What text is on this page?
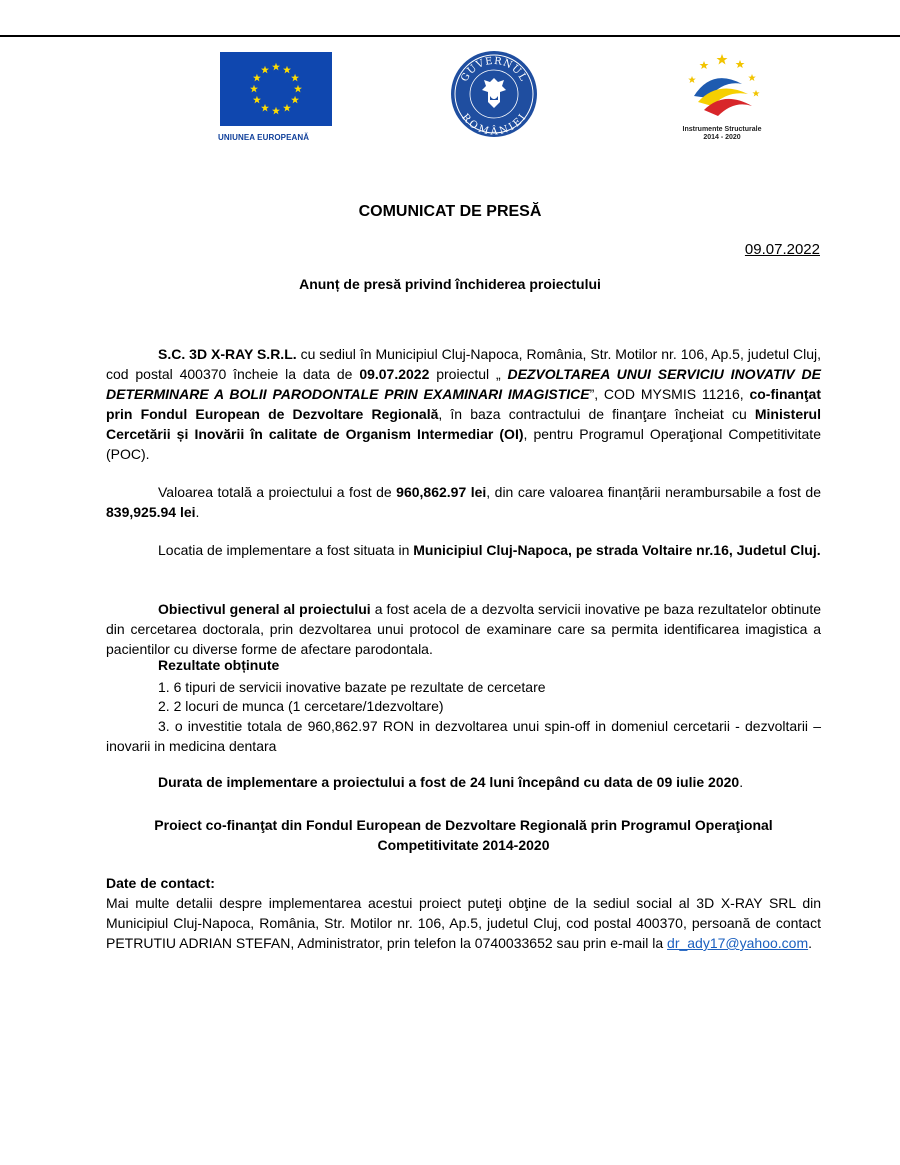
UNIUNEA EUROPEANĂ
GUVERNUL
ROMÂNIEI
Instrumente Structurale
2014 - 2020
COMUNICAT DE PRESĂ
09.07.2022
Anunț de presă privind închiderea proiectului

S.C. 3D X-RAY S.R.L. cu sediul în Municipiul Cluj-Napoca, România, Str. Motilor nr. 106, Ap.5, judetul Cluj, cod postal 400370 încheie la data de 09.07.2022 proiectul „ DEZVOLTAREA UNUI SERVICIU INOVATIV DE DETERMINARE A BOLII PARODONTALE PRIN EXAMINARI IMAGISTICE”, COD MYSMIS 11216, co-finanţat prin Fondul European de Dezvoltare Regională, în baza contractului de finanţare încheiat cu Ministerul Cercetării și Inovării în calitate de Organism Intermediar (OI), pentru Programul Operaţional Competitivitate (POC).

Valoarea totală a proiectului a fost de 960,862.97 lei, din care valoarea finanțării nerambursabile a fost de 839,925.94 lei.

Locatia de implementare a fost situata in Municipiul Cluj-Napoca, pe strada Voltaire nr.16, Judetul Cluj.

Obiectivul general al proiectului a fost acela de a dezvolta servicii inovative pe baza rezultatelor obtinute din cercetarea doctorala, prin dezvoltarea unui protocol de examinare care sa permita identificarea imagistica a pacientilor cu diverse forme de afectare parodontala.

Rezultate obținute
1. 6 tipuri de servicii inovative bazate pe rezultate de cercetare
2. 2 locuri de munca (1 cercetare/1dezvoltare)
3. o investitie totala de 960,862.97 RON in dezvoltarea unui spin-off in domeniul cercetarii - dezvoltarii – inovarii in medicina dentara
Durata de implementare a proiectului a fost de 24 luni începând cu data de 09 iulie 2020.
Proiect co-finanţat din Fondul European de Dezvoltare Regională prin Programul Operaţional
Competitivitate 2014-2020
Date de contact:

Mai multe detalii despre implementarea acestui proiect puteţi obţine de la sediul social al 3D X-RAY SRL din Municipiul Cluj-Napoca, România, Str. Motilor nr. 106, Ap.5, judetul Cluj, cod postal 400370, persoană de contact PETRUTIU ADRIAN STEFAN, Administrator, prin telefon la 0740033652 sau prin e-mail la dr_ady17@yahoo.com.
